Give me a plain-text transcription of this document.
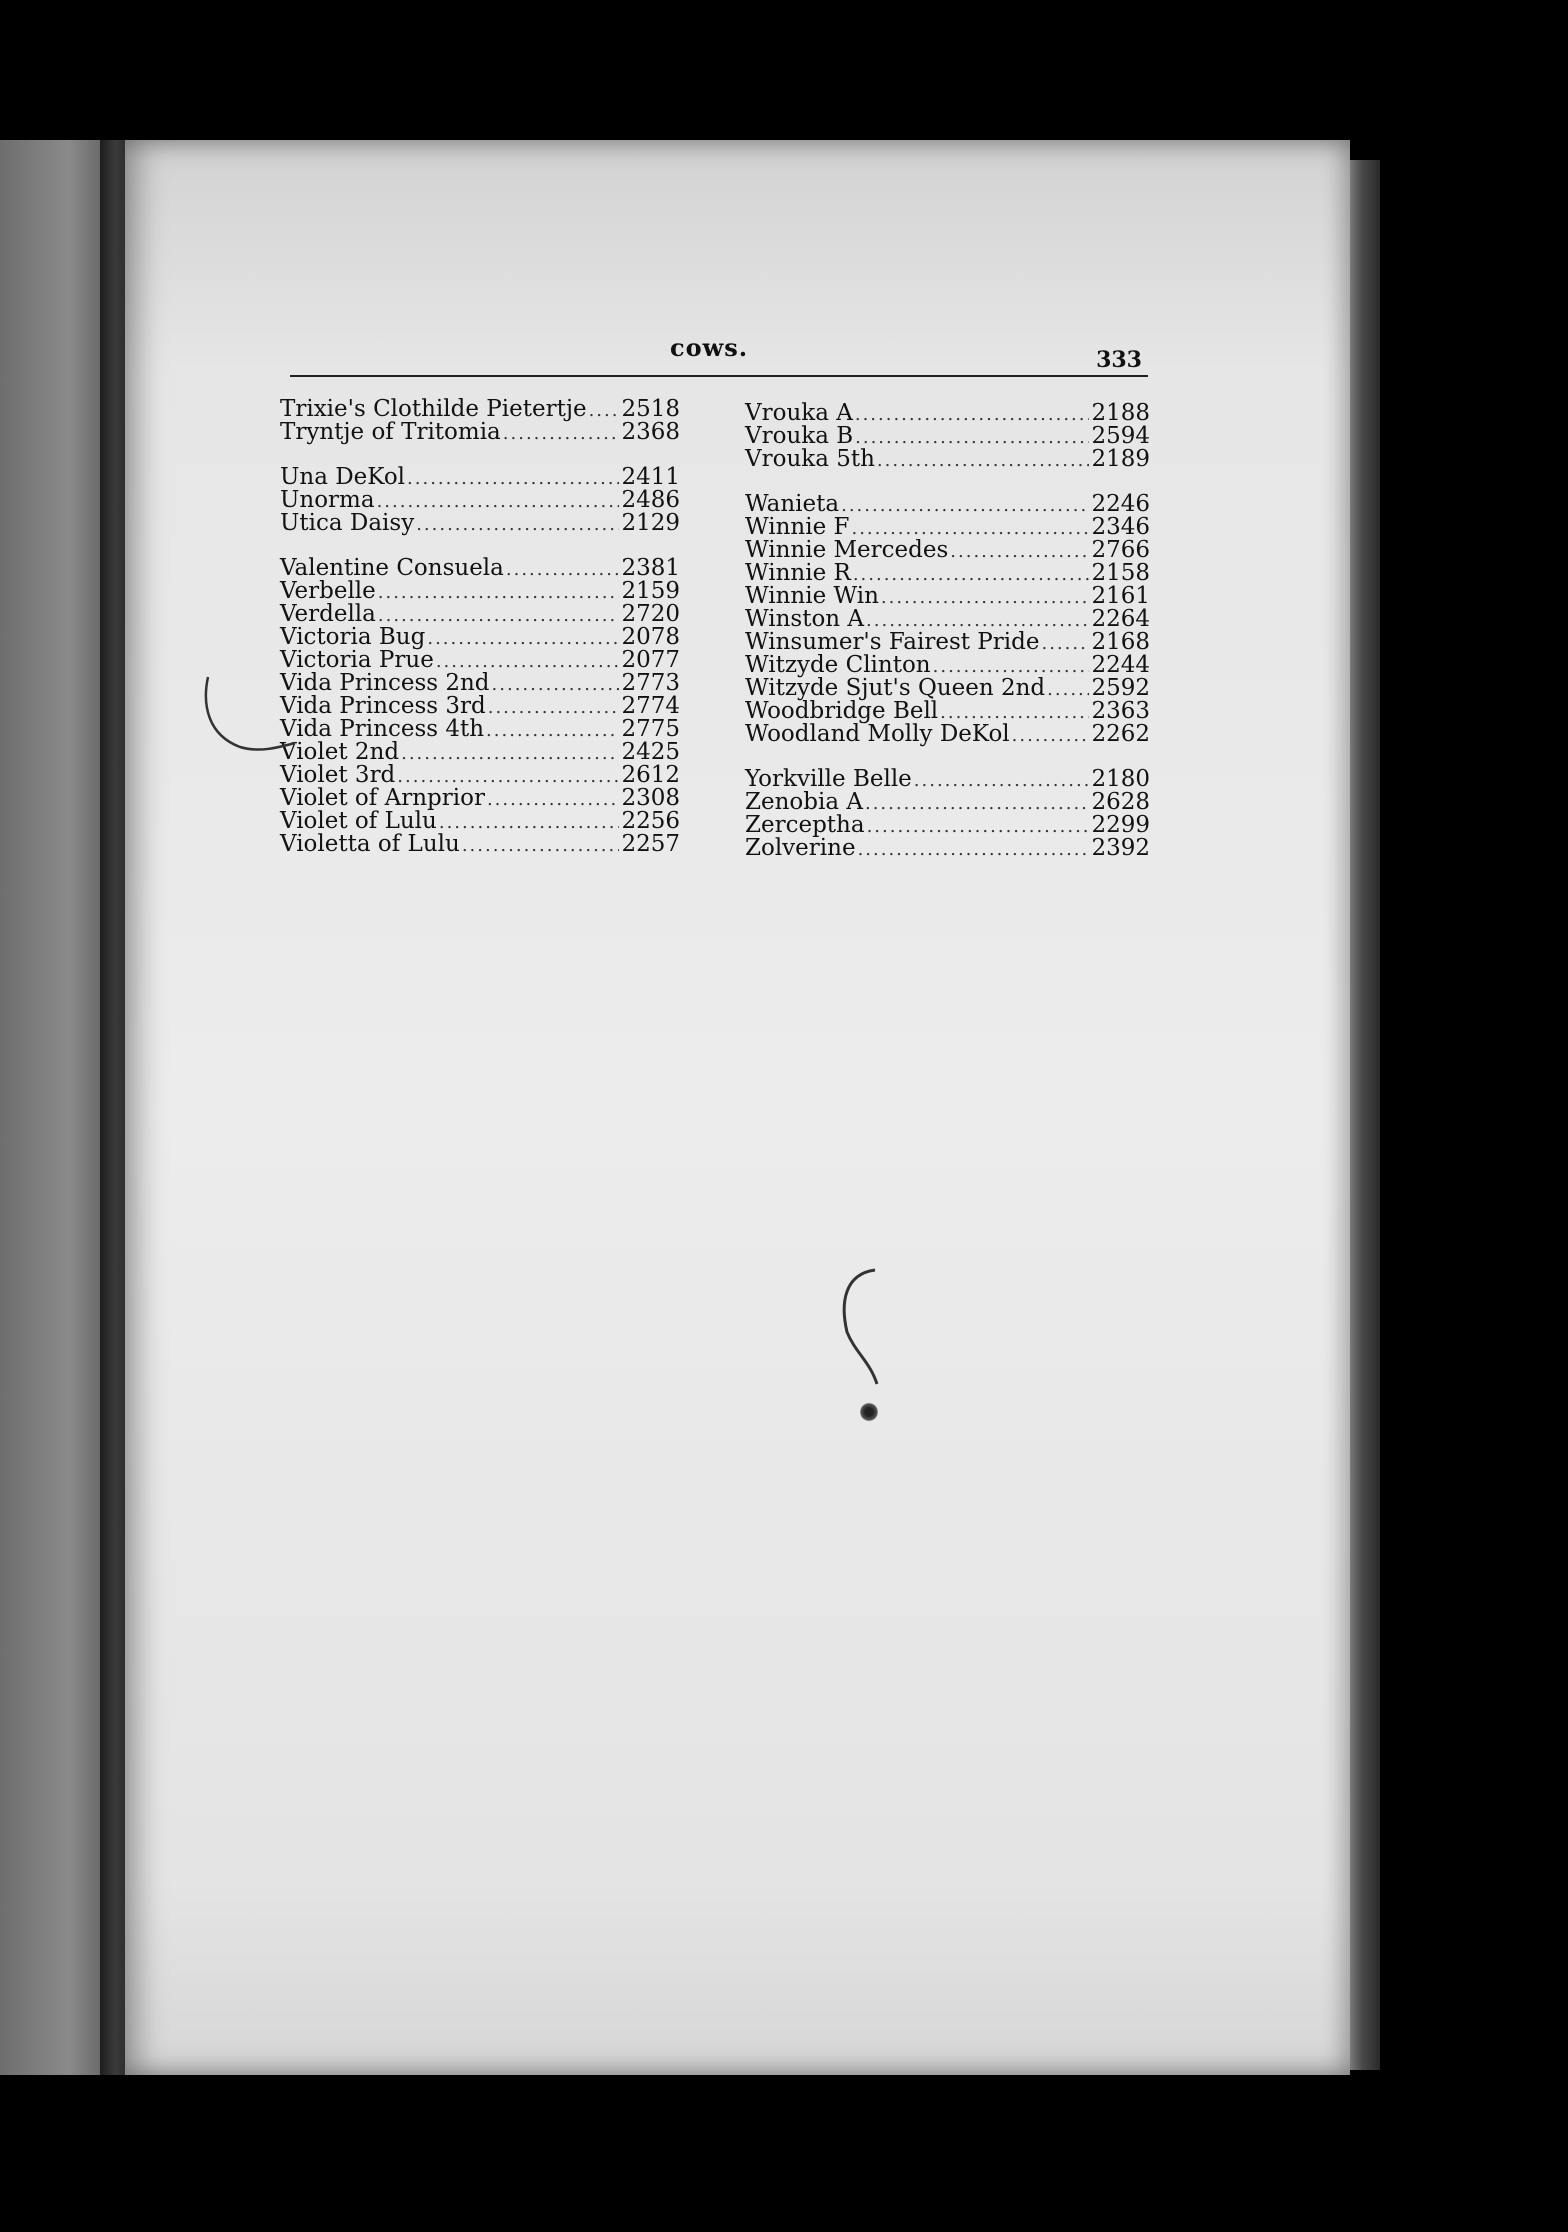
cows.	333
Trixie's Clothilde Pietertje ..... 2518
Tryntje of Tritomia .....	2368
Una DeKol .....	2411
Unorma .....	2486
Utica Daisy .....	2129
Valentine Consuela .....	2381
Verbelle .....	2159
Verdella .....	2720
Victoria Bug .....	2078
Victoria Prue .....	2077
Vida Princess 2nd .....	2773
Vida Princess 3rd .....	2774
Vida Princess 4th .....	2775
Violet 2nd .....	2425
Violet 3rd .....	2612
Violet of Arnprior .....	2308
Violet of Lulu .....	2256
Violetta of Lulu .....	2257
Vrouka A .....	2188
Vrouka B .....	2594
Vrouka 5th .....	2189
Wanieta .....	2246
Winnie F .....	2346
Winnie Mercedes .....	2766
Winnie R .....	2158
Winnie Win .....	2161
Winston A .....	2264
Winsumer's Fairest Pride ..... 2168
Witzyde Clinton .....	2244
Witzyde Sjut's Queen 2nd ..... 2592
Woodbridge Bell .....	2363
Woodland Molly DeKol .....	2262
Yorkville Belle .....	2180
Zenobia A .....	2628
Zerceptha .....	2299
Zolverine .....	2392
